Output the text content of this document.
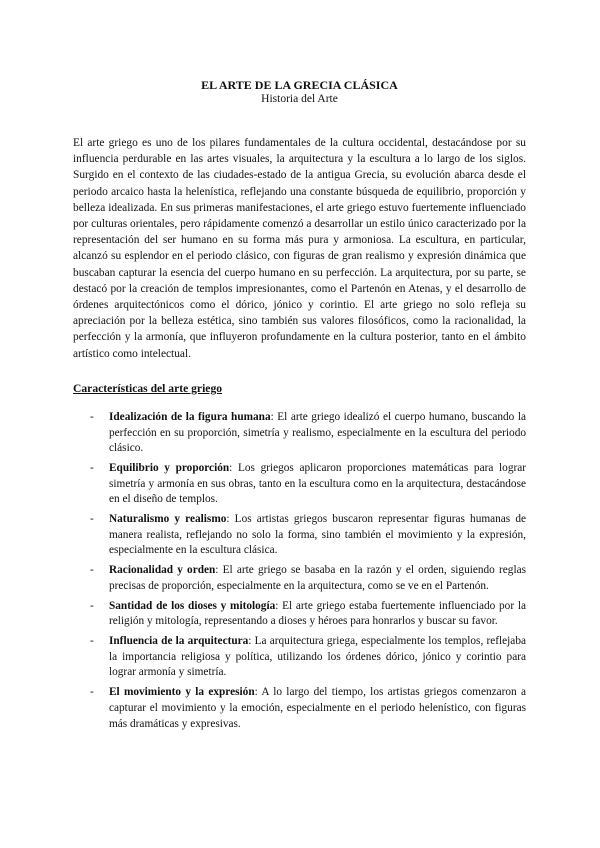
EL ARTE DE LA GRECIA CLÁSICA

Historia del Arte

El arte griego es uno de los pilares fundamentales de la cultura occidental, destacándose por su influencia perdurable en las artes visuales, la arquitectura y la escultura a lo largo de los siglos. Surgido en el contexto de las ciudades-estado de la antigua Grecia, su evolución abarca desde el periodo arcaico hasta la helenística, reflejando una constante búsqueda de equilibrio, proporción y belleza idealizada. En sus primeras manifestaciones, el arte griego estuvo fuertemente influenciado por culturas orientales, pero rápidamente comenzó a desarrollar un estilo único caracterizado por la representación del ser humano en su forma más pura y armoniosa. La escultura, en particular, alcanzó su esplendor en el periodo clásico, con figuras de gran realismo y expresión dinámica que buscaban capturar la esencia del cuerpo humano en su perfección. La arquitectura, por su parte, se destacó por la creación de templos impresionantes, como el Partenón en Atenas, y el desarrollo de órdenes arquitectónicos como el dórico, jónico y corintio. El arte griego no solo refleja su apreciación por la belleza estética, sino también sus valores filosóficos, como la racionalidad, la perfección y la armonía, que influyeron profundamente en la cultura posterior, tanto en el ámbito artístico como intelectual.

Características del arte griego
- Idealización de la figura humana: El arte griego idealizó el cuerpo humano, buscando la perfección en su proporción, simetría y realismo, especialmente en la escultura del periodo clásico.
- Equilibrio y proporción: Los griegos aplicaron proporciones matemáticas para lograr simetría y armonía en sus obras, tanto en la escultura como en la arquitectura, destacándose en el diseño de templos.
- Naturalismo y realismo: Los artistas griegos buscaron representar figuras humanas de manera realista, reflejando no solo la forma, sino también el movimiento y la expresión, especialmente en la escultura clásica.
- Racionalidad y orden: El arte griego se basaba en la razón y el orden, siguiendo reglas precisas de proporción, especialmente en la arquitectura, como se ve en el Partenón.
- Santidad de los dioses y mitología: El arte griego estaba fuertemente influenciado por la religión y mitología, representando a dioses y héroes para honrarlos y buscar su favor.
- Influencia de la arquitectura: La arquitectura griega, especialmente los templos, reflejaba la importancia religiosa y política, utilizando los órdenes dórico, jónico y corintio para lograr armonía y simetría.
- El movimiento y la expresión: A lo largo del tiempo, los artistas griegos comenzaron a capturar el movimiento y la emoción, especialmente en el periodo helenístico, con figuras más dramáticas y expresivas.
